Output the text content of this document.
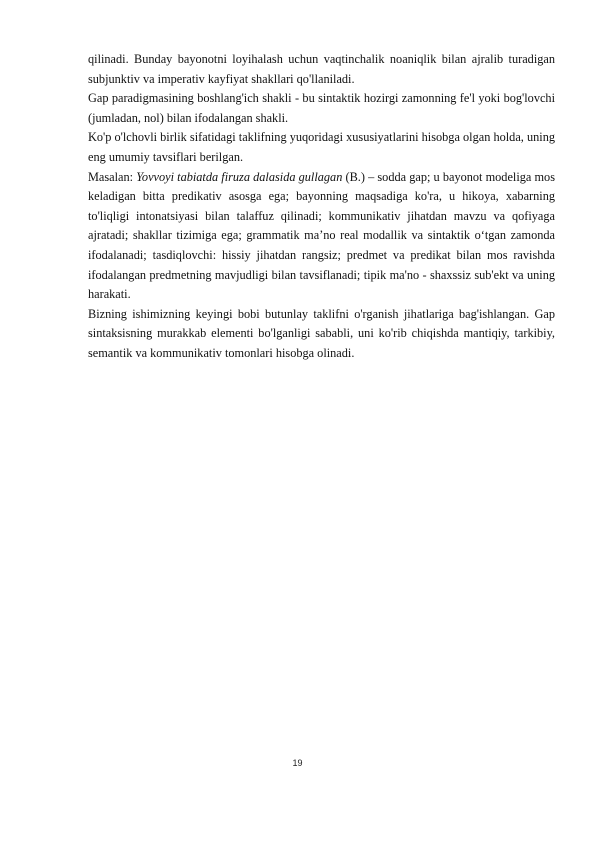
qilinadi. Bunday bayonotni loyihalash uchun vaqtinchalik noaniqlik bilan ajralib turadigan subjunktiv va imperativ kayfiyat shakllari qo'llaniladi.

Gap paradigmasining boshlang'ich shakli - bu sintaktik hozirgi zamonning fe'l yoki bog'lovchi (jumladan, nol) bilan ifodalangan shakli.

Ko'p o'lchovli birlik sifatidagi taklifning yuqoridagi xususiyatlarini hisobga olgan holda, uning eng umumiy tavsiflari berilgan.

Masalan: Yovvoyi tabiatda firuza dalasida gullagan (B.) – sodda gap; u bayonot modeliga mos keladigan bitta predikativ asosga ega; bayonning maqsadiga ko'ra, u hikoya, xabarning to'liqligi intonatsiyasi bilan talaffuz qilinadi; kommunikativ jihatdan mavzu va qofiyaga ajratadi; shakllar tizimiga ega; grammatik ma’no real modallik va sintaktik o‘tgan zamonda ifodalanadi; tasdiqlovchi: hissiy jihatdan rangsiz; predmet va predikat bilan mos ravishda ifodalangan predmetning mavjudligi bilan tavsiflanadi; tipik ma'no - shaxssiz sub'ekt va uning harakati.

Bizning ishimizning keyingi bobi butunlay taklifni o'rganish jihatlariga bag'ishlangan. Gap sintaksisning murakkab elementi bo'lganligi sababli, uni ko'rib chiqishda mantiqiy, tarkibiy, semantik va kommunikativ tomonlari hisobga olinadi.

19
